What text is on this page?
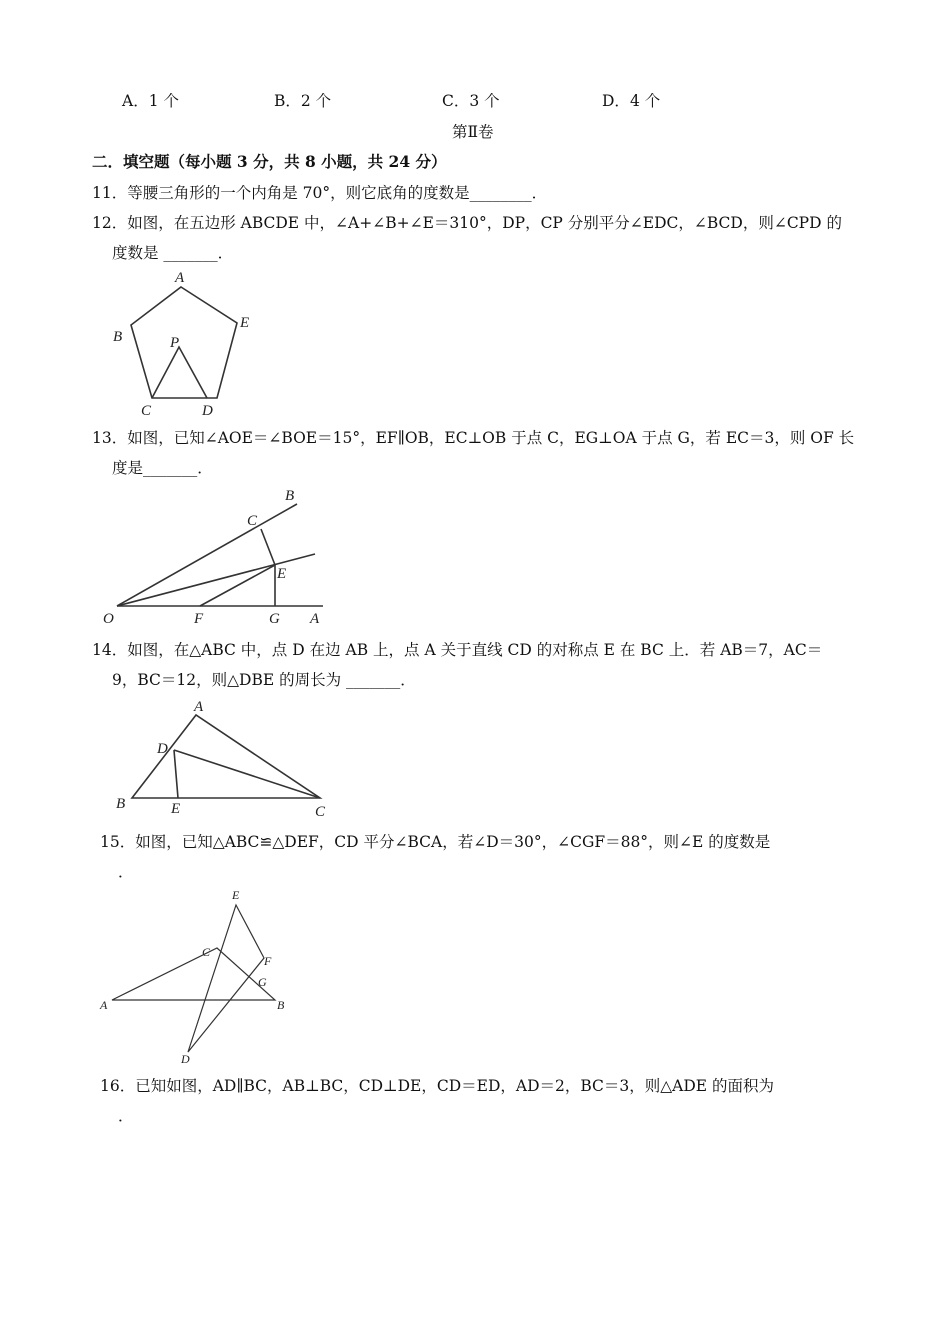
A．1 个	B．2 个	C．3 个	D．4 个
第Ⅱ卷
二．填空题（每小题 3 分，共 8 小题，共 24 分）
11．等腰三角形的一个内角是 70°，则它底角的度数是________．
12．如图，在五边形 ABCDE 中，∠A+∠B+∠E＝310°，DP，CP 分别平分∠EDC，∠BCD，则∠CPD 的
度数是 _______．
A
B
E
P
C	D
13．如图，已知∠AOE＝∠BOE＝15°，EF∥OB，EC⊥OB 于点 C，EG⊥OA 于点 G，若 EC＝3，则 OF 长
度是_______．
O	F	G A
E
C
B
14．如图，在△ABC 中，点 D 在边 AB 上，点 A 关于直线 CD 的对称点 E 在 BC 上．若 AB＝7，AC＝
9，BC＝12，则△DBE 的周长为 _______．
A
D
B	E	C
15．如图，已知△ABC≌△DEF，CD 平分∠BCA，若∠D＝30°，∠CGF＝88°，则∠E 的度数是
．
E
C
F
G
A	B
D
16．已知如图，AD∥BC，AB⊥BC，CD⊥DE，CD＝ED，AD＝2，BC＝3，则△ADE 的面积为
．
